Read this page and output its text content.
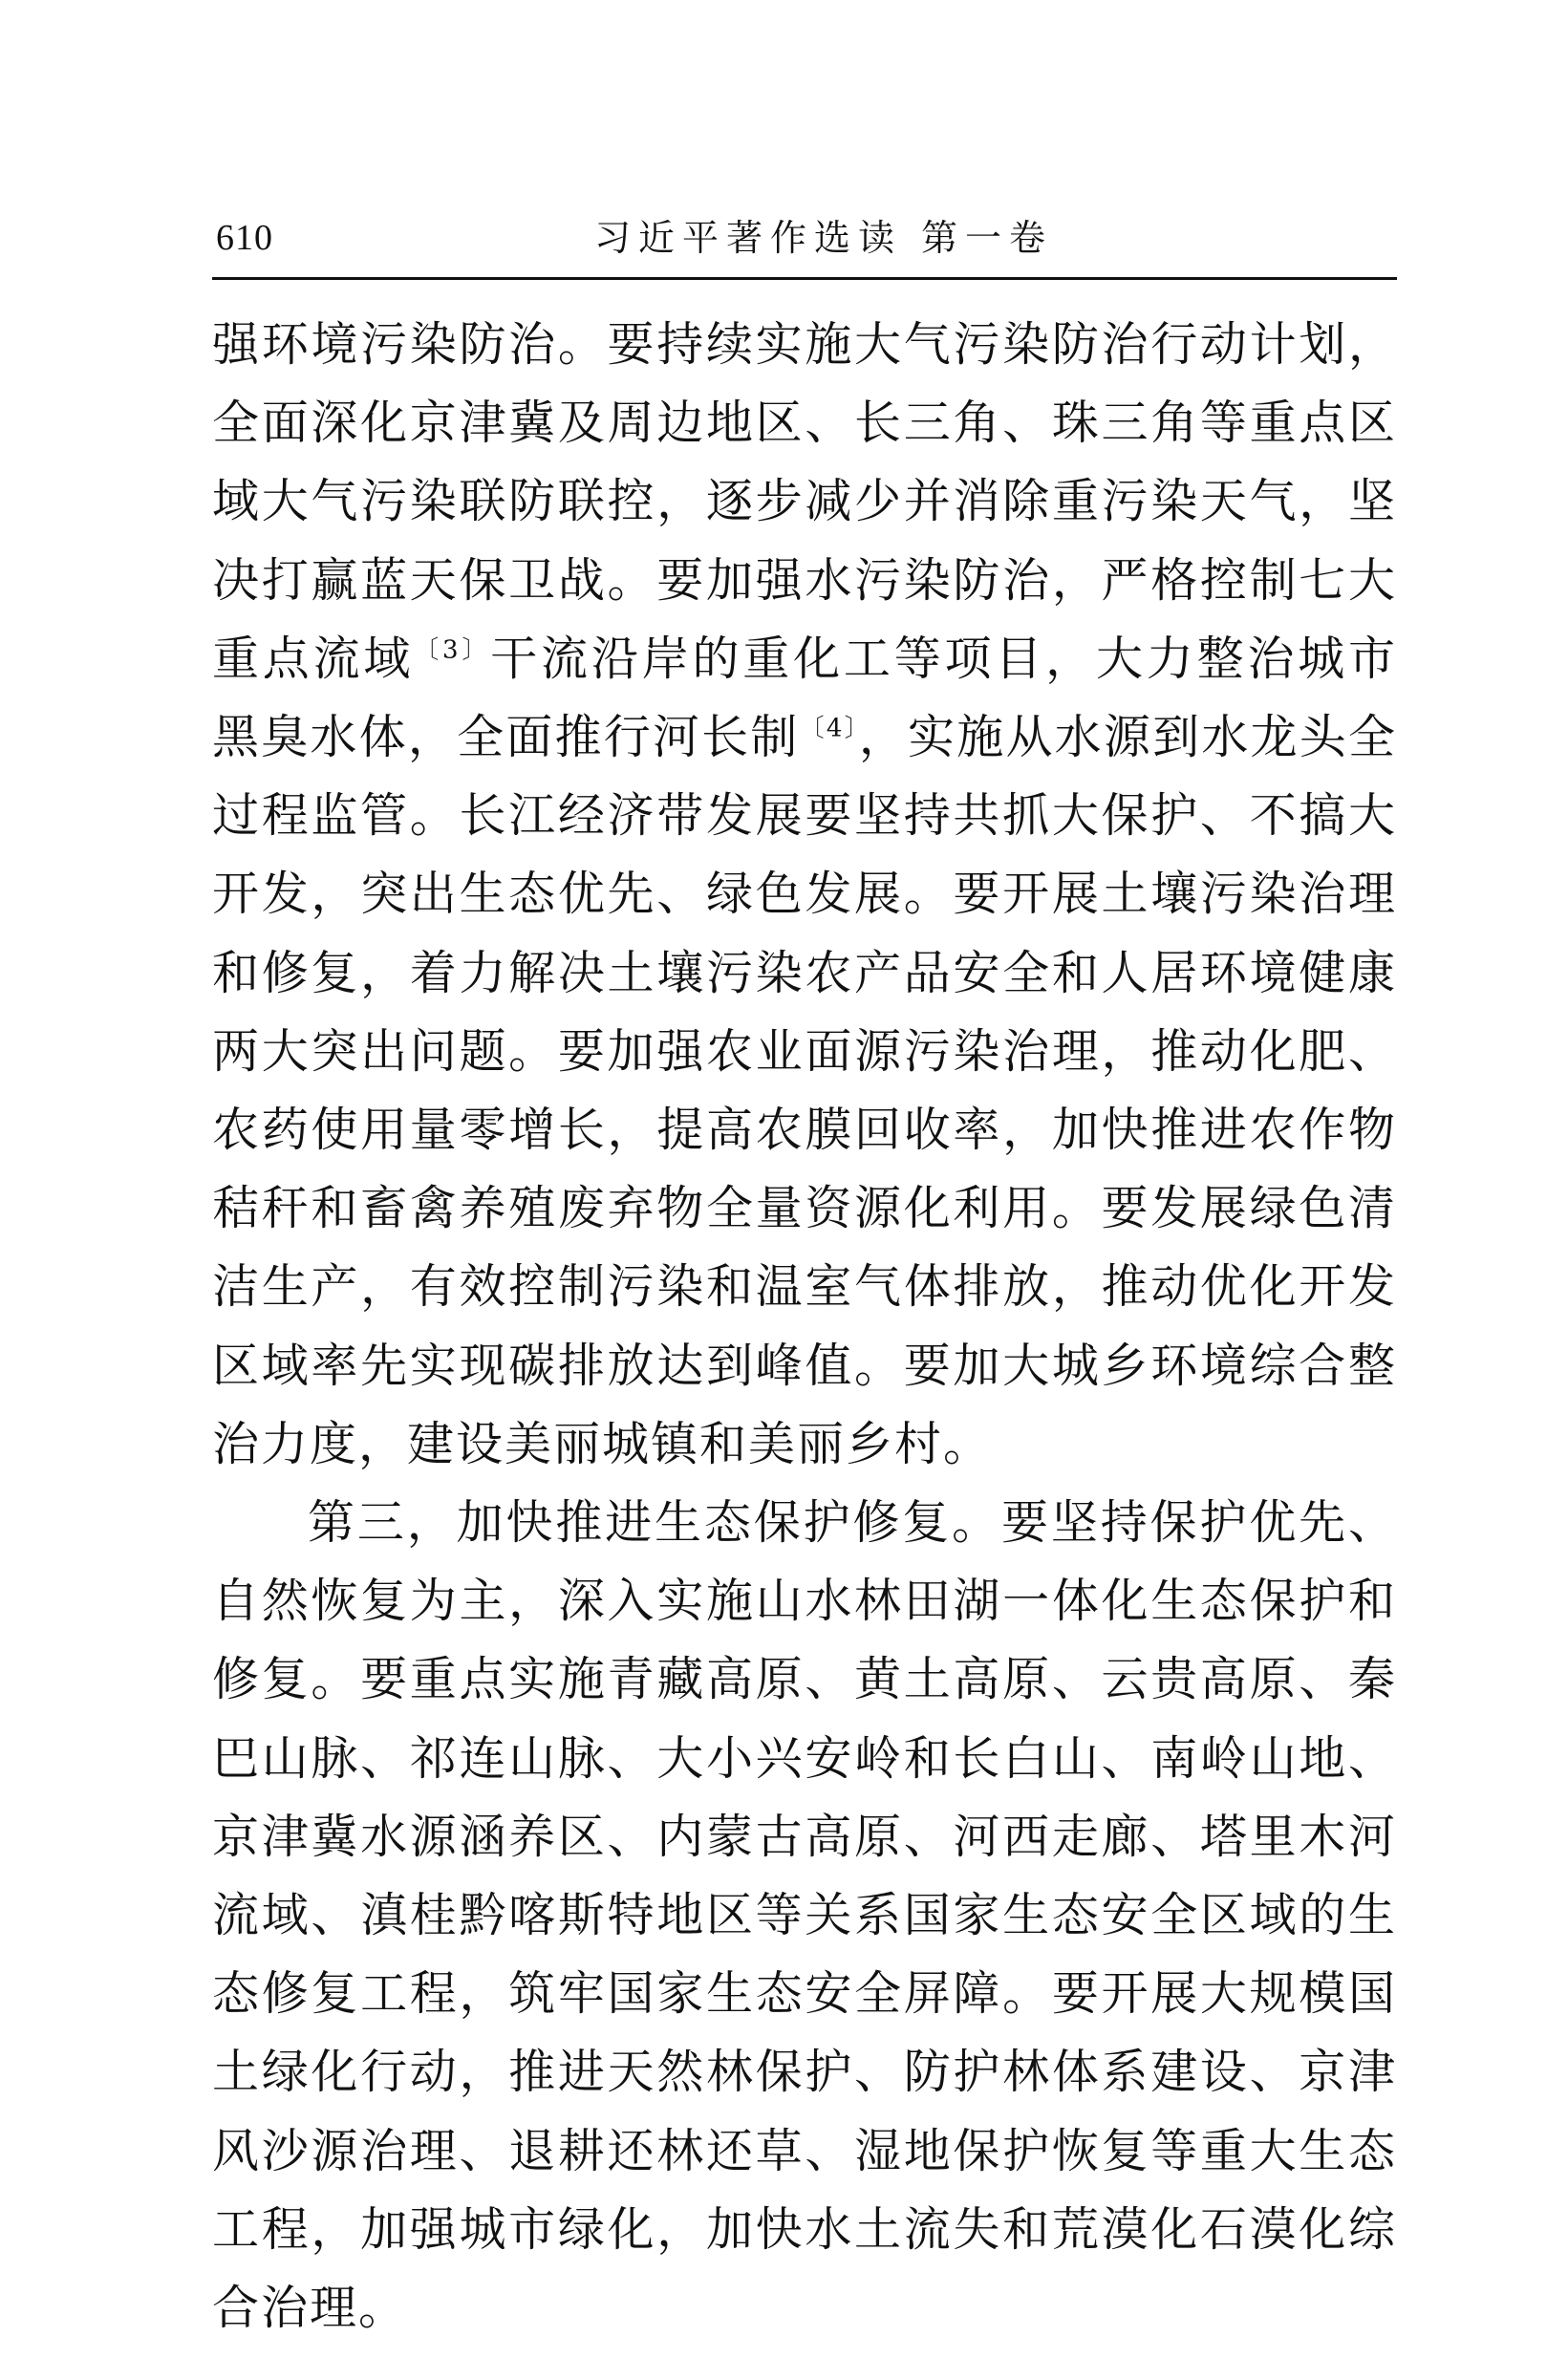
610	习近平著作选读 第一卷

强环境污染防治。要持续实施大气污染防治行动计划，全面深化京津冀及周边地区、长三角、珠三角等重点区域大气污染联防联控，逐步减少并消除重污染天气，坚决打赢蓝天保卫战。要加强水污染防治，严格控制七大重点流域$^{〔3〕}$干流沿岸的重化工等项目，大力整治城市黑臭水体，全面推行河长制$^{〔4〕}$，实施从水源到水龙头全过程监管。长江经济带发展要坚持共抓大保护、不搞大开发，突出生态优先、绿色发展。要开展土壤污染治理和修复，着力解决土壤污染农产品安全和人居环境健康两大突出问题。要加强农业面源污染治理，推动化肥、农药使用量零增长，提高农膜回收率，加快推进农作物秸秆和畜禽养殖废弃物全量资源化利用。要发展绿色清洁生产，有效控制污染和温室气体排放，推动优化开发区域率先实现碳排放达到峰值。要加大城乡环境综合整治力度，建设美丽城镇和美丽乡村。

第三，加快推进生态保护修复。要坚持保护优先、自然恢复为主，深入实施山水林田湖一体化生态保护和修复。要重点实施青藏高原、黄土高原、云贵高原、秦巴山脉、祁连山脉、大小兴安岭和长白山、南岭山地、京津冀水源涵养区、内蒙古高原、河西走廊、塔里木河流域、滇桂黔喀斯特地区等关系国家生态安全区域的生态修复工程，筑牢国家生态安全屏障。要开展大规模国土绿化行动，推进天然林保护、防护林体系建设、京津风沙源治理、退耕还林还草、湿地保护恢复等重大生态工程，加强城市绿化，加快水土流失和荒漠化石漠化综合治理。
